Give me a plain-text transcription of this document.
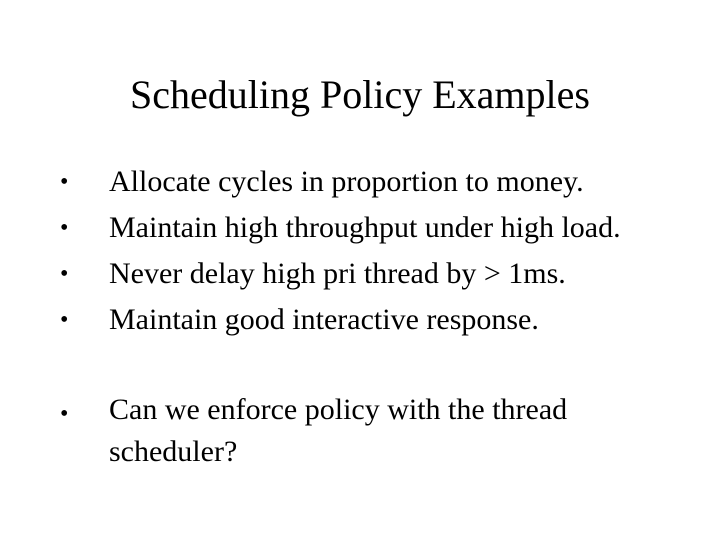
Scheduling Policy Examples
• Allocate cycles in proportion to money.
• Maintain high throughput under high load.
• Never delay high pri thread by > 1ms.
• Maintain good interactive response.
• Can we enforce policy with the thread scheduler?
